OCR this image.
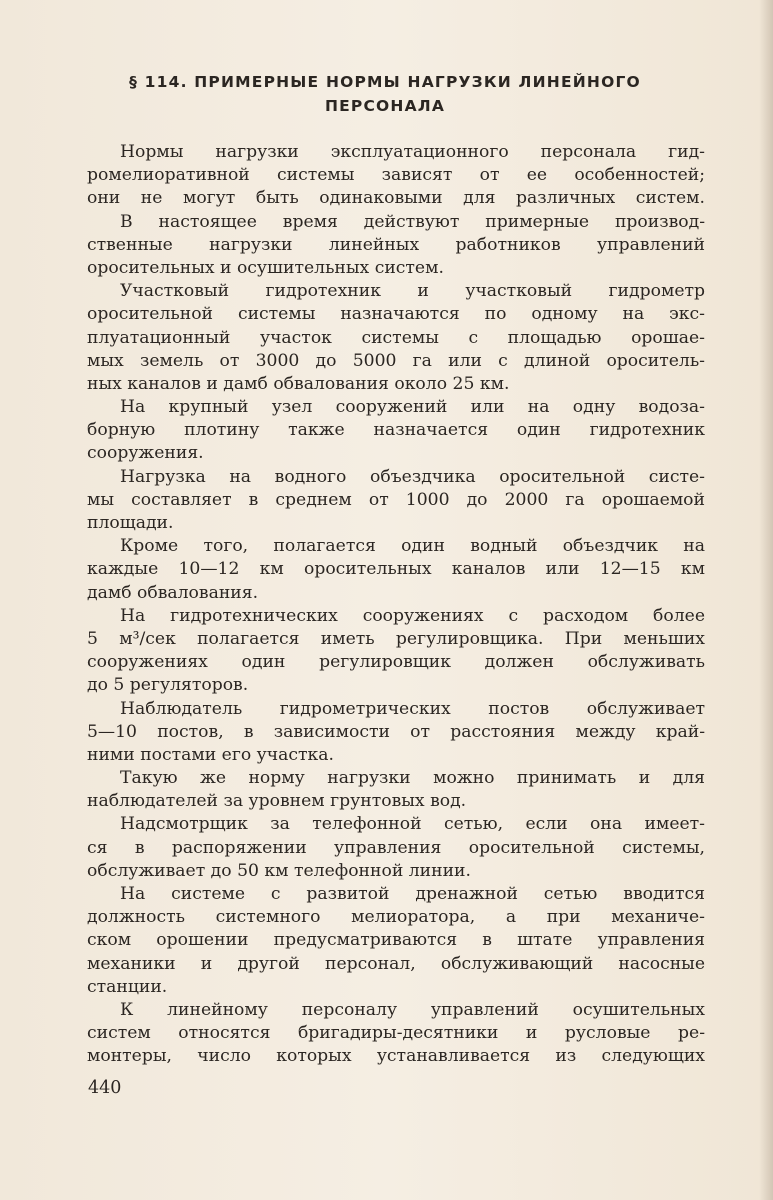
§ 114. ПРИМЕРНЫЕ НОРМЫ НАГРУЗКИ ЛИНЕЙНОГО
ПЕРСОНАЛА
Нормы нагрузки эксплуатационного персонала гид-
ромелиоративной системы зависят от ее особенностей;
они не могут быть одинаковыми для различных систем.
В настоящее время действуют примерные производ-
ственные нагрузки линейных работников управлений
оросительных и осушительных систем.
Участковый гидротехник и участковый гидрометр
оросительной системы назначаются по одному на экс-
плуатационный участок системы с площадью орошае-
мых земель от 3000 до 5000 га или с длиной ороситель-
ных каналов и дамб обвалования около 25 км.
На крупный узел сооружений или на одну водоза-
борную плотину также назначается один гидротехник
сооружения.
Нагрузка на водного объездчика оросительной систе-
мы составляет в среднем от 1000 до 2000 га орошаемой
площади.
Кроме того, полагается один водный объездчик на
каждые 10—12 км оросительных каналов или 12—15 км
дамб обвалования.
На гидротехнических сооружениях с расходом более
5 м³/сек полагается иметь регулировщика. При меньших
сооружениях один регулировщик должен обслуживать
до 5 регуляторов.
Наблюдатель гидрометрических постов обслуживает
5—10 постов, в зависимости от расстояния между край-
ними постами его участка.
Такую же норму нагрузки можно принимать и для
наблюдателей за уровнем грунтовых вод.
Надсмотрщик за телефонной сетью, если она имеет-
ся в распоряжении управления оросительной системы,
обслуживает до 50 км телефонной линии.
На системе с развитой дренажной сетью вводится
должность системного мелиоратора, а при механиче-
ском орошении предусматриваются в штате управления
механики и другой персонал, обслуживающий насосные
станции.
К линейному персоналу управлений осушительных
систем относятся бригадиры-десятники и русловые ре-
монтеры, число которых устанавливается из следующих
440
